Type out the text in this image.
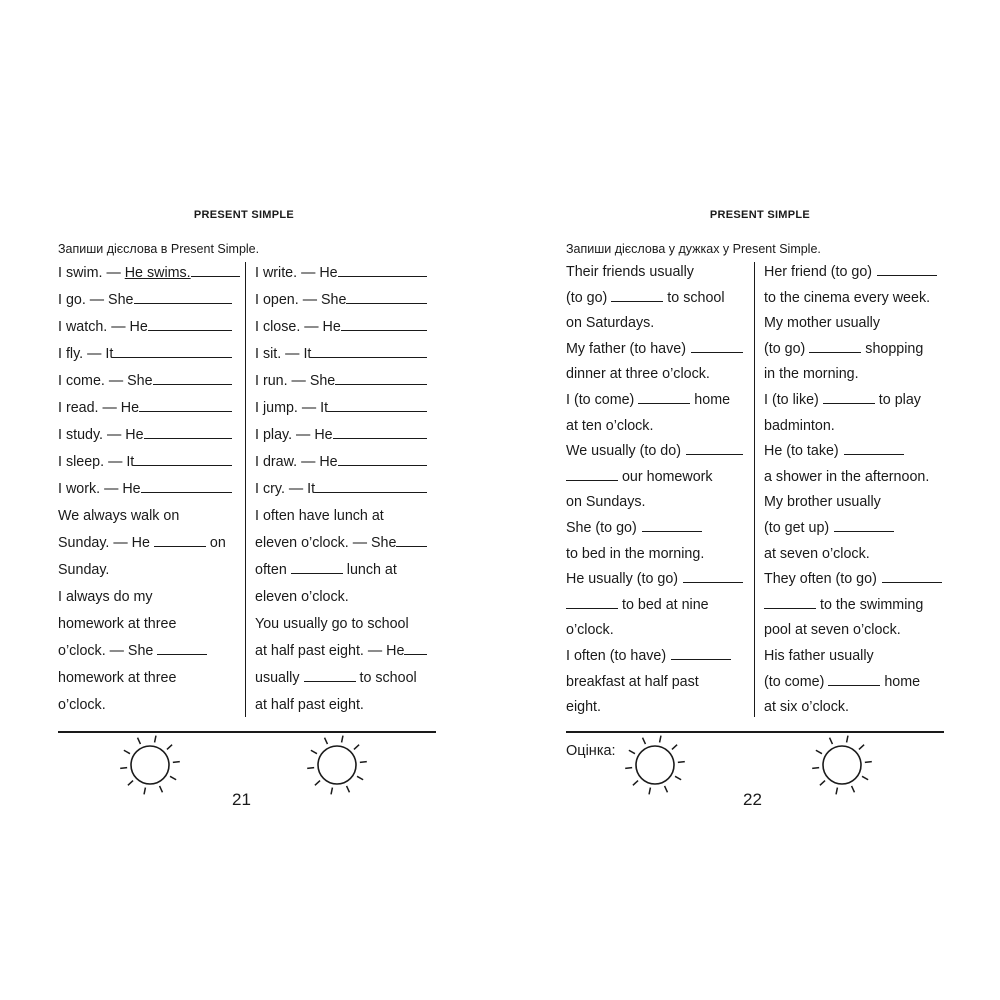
PRESENT SIMPLE
Запиши дієслова в Present Simple.
I swim. — He swims.
I go. — She
I watch. — He
I fly. — It
I come. — She
I read. — He
I study. — He
I sleep. — It
I work. — He
We always walk on
Sunday. — He	on
Sunday.
I always do my
homework at three
o’clock. — She
homework at three
o’clock.
I write. — He
I open. — She
I close. — He
I sit. — It
I run. — She
I jump. — It
I play. — He
I draw. — He
I cry. — It
I often have lunch at
eleven o’clock. — She
often	lunch at
eleven o’clock.
You usually go to school
at half past eight. — He
usually	to school
at half past eight.
21
PRESENT SIMPLE
Запиши дієслова у дужках у Present Simple.
Their friends usually
(to go)	to school
on Saturdays.
My father (to have)
dinner at three o’clock.
I (to come)	home
at ten o’clock.
We usually (to do)
our homework
on Sundays.
She (to go)
to bed in the morning.
He usually (to go)
to bed at nine
o’clock.
I often (to have)
breakfast at half past
eight.
Her friend (to go)
to the cinema every week.
My mother usually
(to go)	shopping
in the morning.
I (to like)	to play
badminton.
He (to take)
a shower in the afternoon.
My brother usually
(to get up)
at seven o’clock.
They often (to go)
to the swimming
pool at seven o’clock.
His father usually
(to come)	home
at six o’clock.
Оцінка:
22
